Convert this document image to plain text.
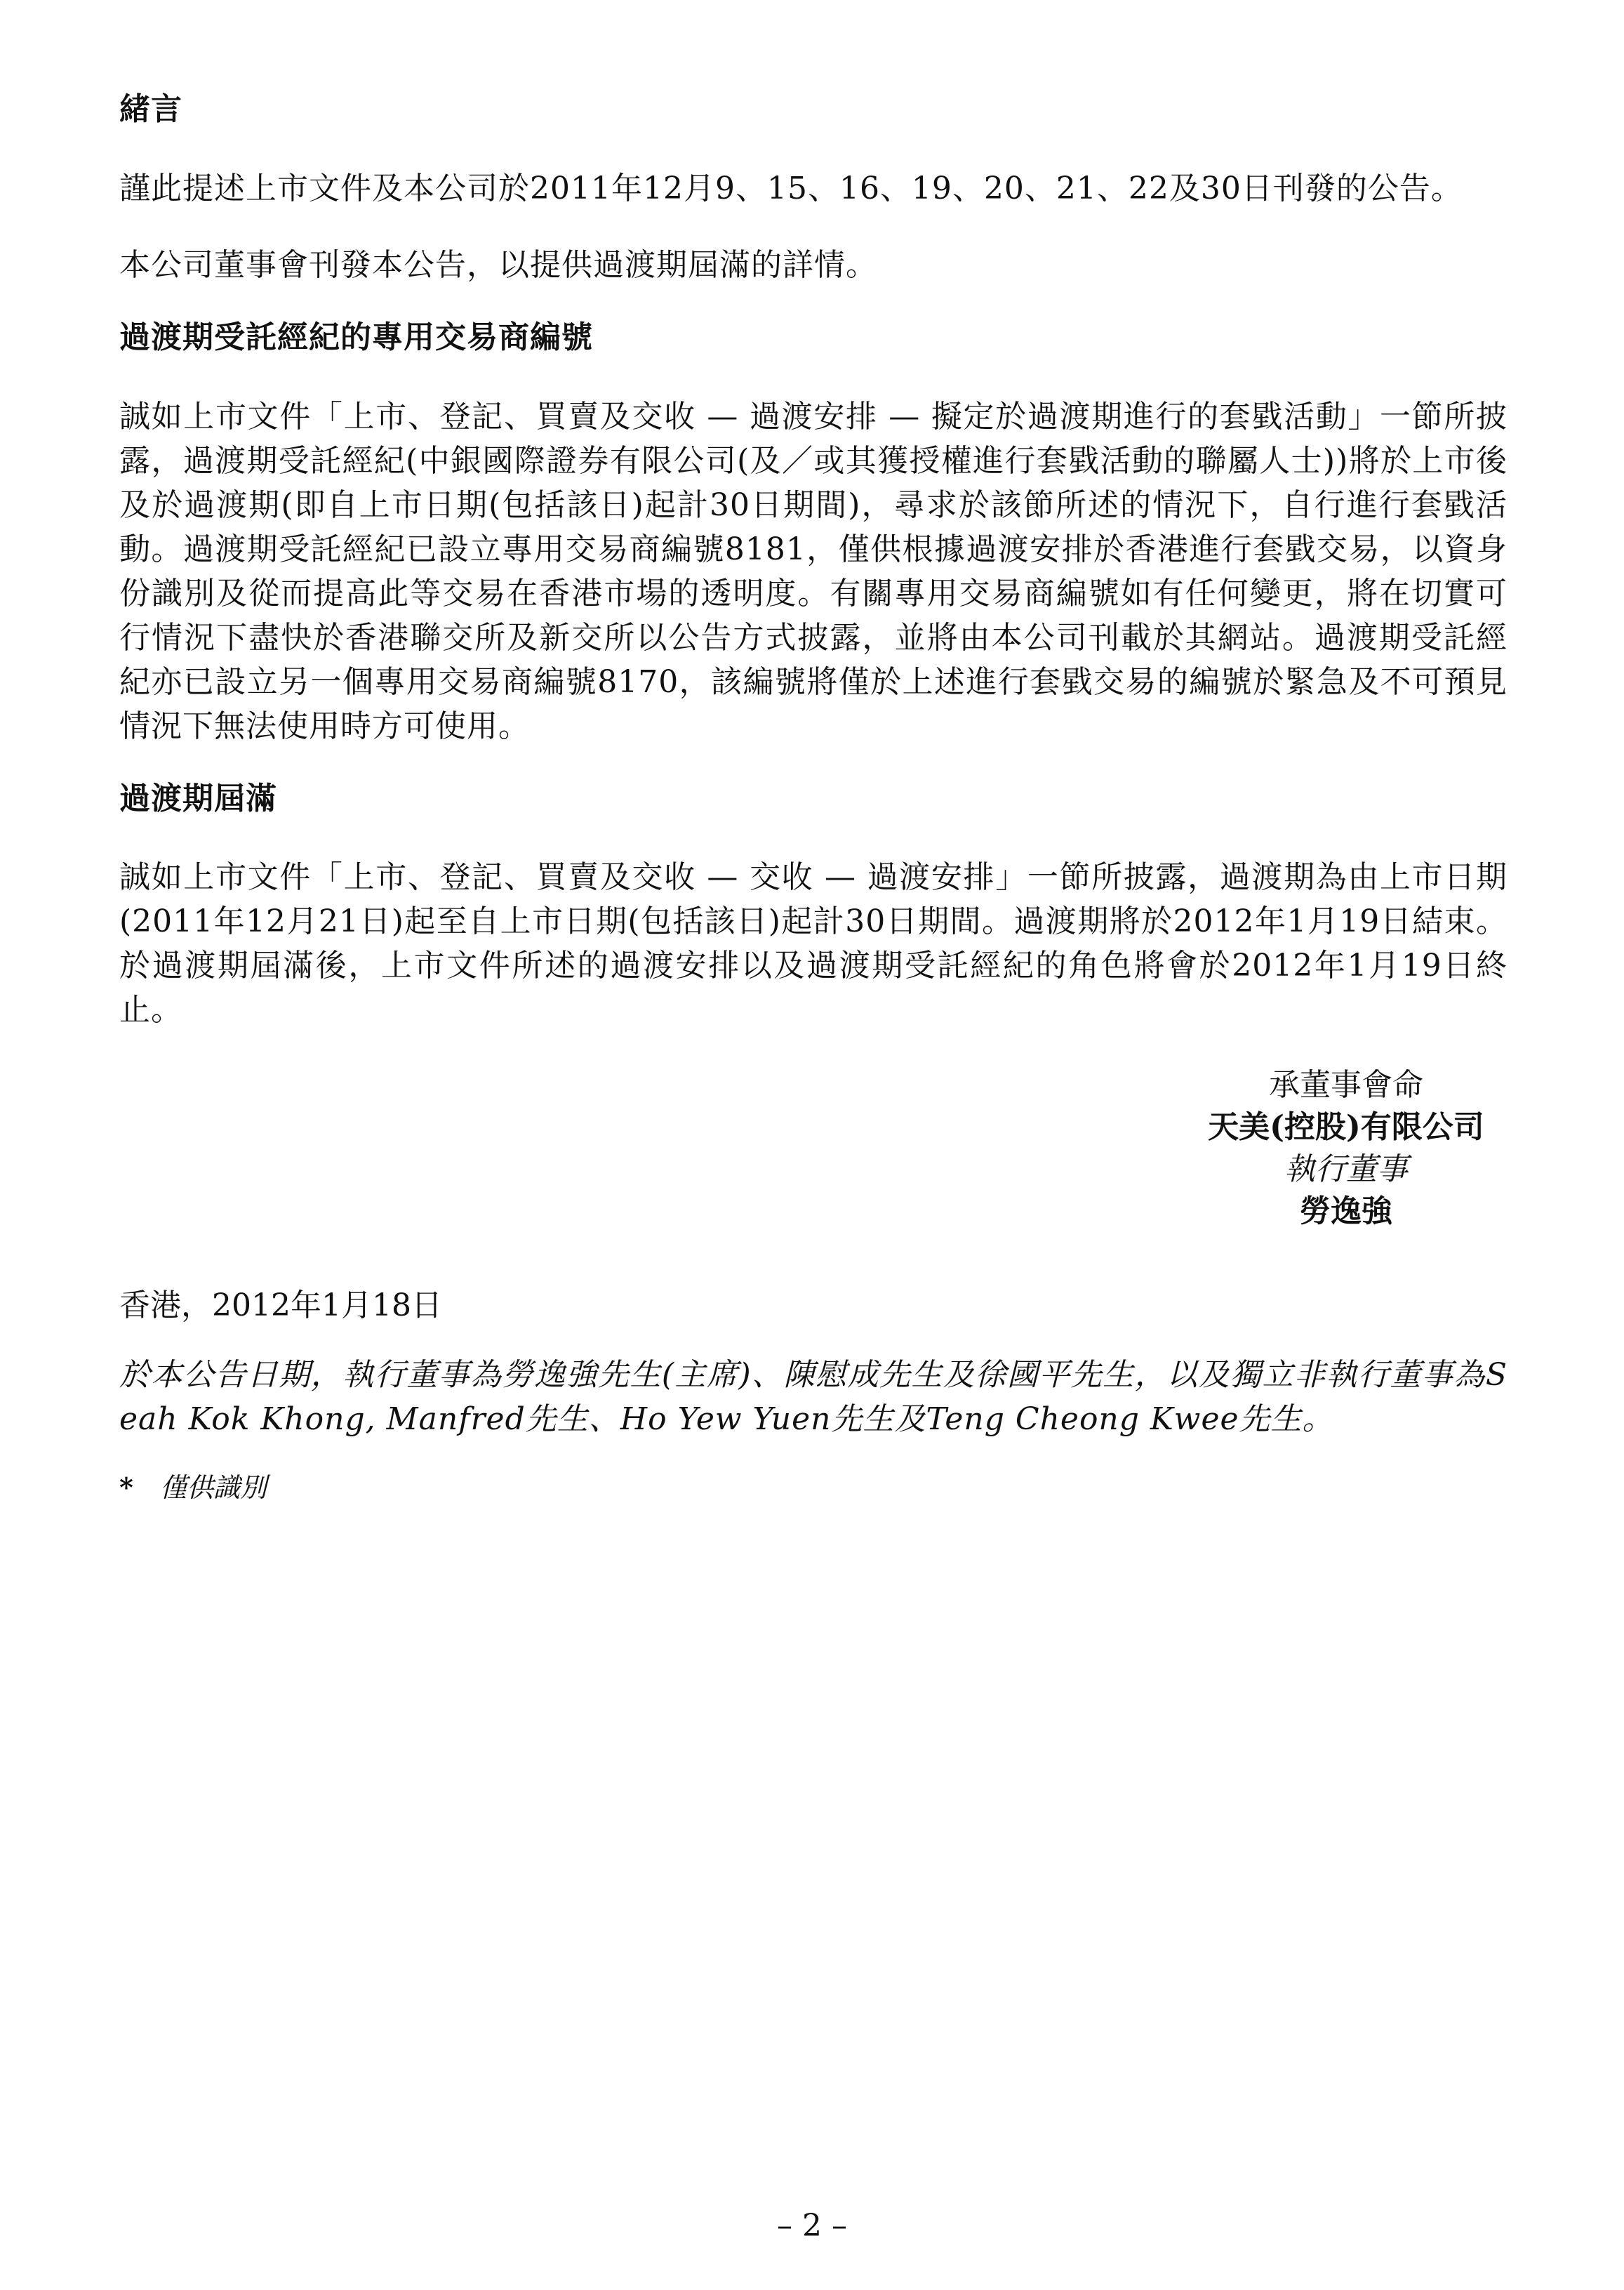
緒言

謹此提述上市文件及本公司於2011年12月9、15、16、19、20、21、22及30日刊發的公告。

本公司董事會刊發本公告，以提供過渡期屆滿的詳情。

過渡期受託經紀的專用交易商編號

誠如上市文件「上市、登記、買賣及交收 — 過渡安排 — 擬定於過渡期進行的套戥活動」一節所披露，過渡期受託經紀(中銀國際證券有限公司(及／或其獲授權進行套戥活動的聯屬人士))將於上市後及於過渡期(即自上市日期(包括該日)起計30日期間)，尋求於該節所述的情況下，自行進行套戥活動。過渡期受託經紀已設立專用交易商編號8181，僅供根據過渡安排於香港進行套戥交易，以資身份識別及從而提高此等交易在香港市場的透明度。有關專用交易商編號如有任何變更，將在切實可行情況下盡快於香港聯交所及新交所以公告方式披露，並將由本公司刊載於其網站。過渡期受託經紀亦已設立另一個專用交易商編號8170，該編號將僅於上述進行套戥交易的編號於緊急及不可預見情況下無法使用時方可使用。

過渡期屆滿

誠如上市文件「上市、登記、買賣及交收 — 交收 — 過渡安排」一節所披露，過渡期為由上市日期(2011年12月21日)起至自上市日期(包括該日)起計30日期間。過渡期將於2012年1月19日結束。於過渡期屆滿後，上市文件所述的過渡安排以及過渡期受託經紀的角色將會於2012年1月19日終止。

承董事會命
天美(控股)有限公司
執行董事
勞逸強

香港，2012年1月18日

於本公告日期，執行董事為勞逸強先生(主席)、陳慰成先生及徐國平先生，以及獨立非執行董事為Seah Kok Khong, Manfred先生、Ho Yew Yuen先生及Teng Cheong Kwee先生。

* 僅供識別

– 2 –
